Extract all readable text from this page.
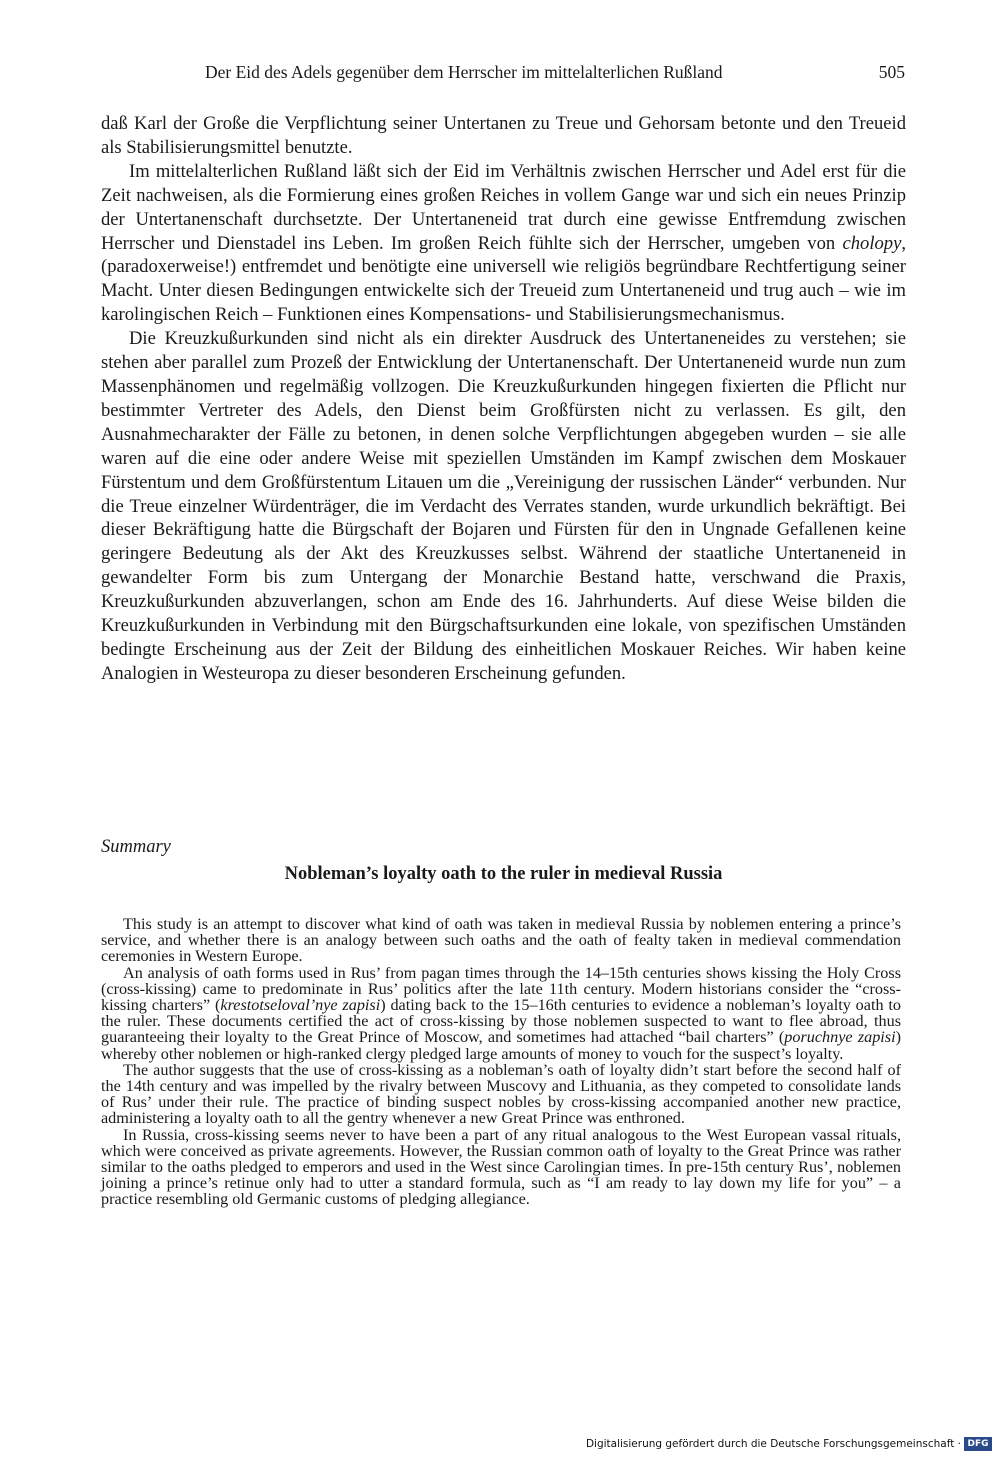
Der Eid des Adels gegenüber dem Herrscher im mittelalterlichen Rußland	505

daß Karl der Große die Verpflichtung seiner Untertanen zu Treue und Gehorsam betonte und den Treueid als Stabilisierungsmittel benutzte.

Im mittelalterlichen Rußland läßt sich der Eid im Verhältnis zwischen Herrscher und Adel erst für die Zeit nachweisen, als die Formierung eines großen Reiches in vollem Gange war und sich ein neues Prinzip der Untertanenschaft durchsetzte. Der Untertaneneid trat durch eine gewisse Entfremdung zwischen Herrscher und Dienstadel ins Leben. Im großen Reich fühlte sich der Herrscher, umgeben von cholopy, (paradoxerweise!) entfremdet und benötigte eine universell wie religiös begründbare Rechtfertigung seiner Macht. Unter diesen Bedingungen entwickelte sich der Treueid zum Untertaneneid und trug auch – wie im karolingischen Reich – Funktionen eines Kompensations- und Stabilisierungsmechanismus.

Die Kreuzkußurkunden sind nicht als ein direkter Ausdruck des Untertaneneides zu verstehen; sie stehen aber parallel zum Prozeß der Entwicklung der Untertanenschaft. Der Untertaneneid wurde nun zum Massenphänomen und regelmäßig vollzogen. Die Kreuzkußurkunden hingegen fixierten die Pflicht nur bestimmter Vertreter des Adels, den Dienst beim Großfürsten nicht zu verlassen. Es gilt, den Ausnahmecharakter der Fälle zu betonen, in denen solche Verpflichtungen abgegeben wurden – sie alle waren auf die eine oder andere Weise mit speziellen Umständen im Kampf zwischen dem Moskauer Fürstentum und dem Großfürstentum Litauen um die „Vereinigung der russischen Länder“ verbunden. Nur die Treue einzelner Würdenträger, die im Verdacht des Verrates standen, wurde urkundlich bekräftigt. Bei dieser Bekräftigung hatte die Bürgschaft der Bojaren und Fürsten für den in Ungnade Gefallenen keine geringere Bedeutung als der Akt des Kreuzkusses selbst. Während der staatliche Untertaneneid in gewandelter Form bis zum Untergang der Monarchie Bestand hatte, verschwand die Praxis, Kreuzkußurkunden abzuverlangen, schon am Ende des 16. Jahrhunderts. Auf diese Weise bilden die Kreuzkußurkunden in Verbindung mit den Bürgschaftsurkunden eine lokale, von spezifischen Umständen bedingte Erscheinung aus der Zeit der Bildung des einheitlichen Moskauer Reiches. Wir haben keine Analogien in Westeuropa zu dieser besonderen Erscheinung gefunden.

Summary
Nobleman’s loyalty oath to the ruler in medieval Russia

This study is an attempt to discover what kind of oath was taken in medieval Russia by noblemen entering a prince’s service, and whether there is an analogy between such oaths and the oath of fealty taken in medieval commendation ceremonies in Western Europe.

An analysis of oath forms used in Rus’ from pagan times through the 14–15th centuries shows kissing the Holy Cross (cross-kissing) came to predominate in Rus’ politics after the late 11th century. Modern historians consider the “cross-kissing charters” (krestotseloval’nye zapisi) dating back to the 15–16th centuries to evidence a nobleman’s loyalty oath to the ruler. These documents certified the act of cross-kissing by those noblemen suspected to want to flee abroad, thus guaranteeing their loyalty to the Great Prince of Moscow, and sometimes had attached “bail charters” (poruchnye zapisi) whereby other noblemen or high-ranked clergy pledged large amounts of money to vouch for the suspect’s loyalty.

The author suggests that the use of cross-kissing as a nobleman’s oath of loyalty didn’t start before the second half of the 14th century and was impelled by the rivalry between Muscovy and Lithuania, as they competed to consolidate lands of Rus’ under their rule. The practice of binding suspect nobles by cross-kissing accompanied another new practice, administering a loyalty oath to all the gentry whenever a new Great Prince was enthroned.

In Russia, cross-kissing seems never to have been a part of any ritual analogous to the West European vassal rituals, which were conceived as private agreements. However, the Russian common oath of loyalty to the Great Prince was rather similar to the oaths pledged to emperors and used in the West since Carolingian times. In pre-15th century Rus’, noblemen joining a prince’s retinue only had to utter a standard formula, such as “I am ready to lay down my life for you” – a practice resembling old Germanic customs of pledging allegiance.

Digitalisierung gefördert durch die Deutsche Forschungsgemeinschaft · DFG
